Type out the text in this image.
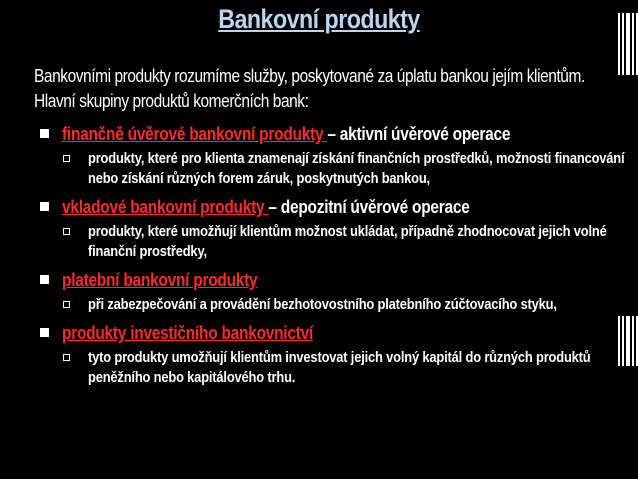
Bankovní produkty
Bankovními produkty rozumíme služby, poskytované za úplatu bankou jejím klientům. Hlavní skupiny produktů komerčních bank:
finančně úvěrové bankovní produkty – aktivní úvěrové operace
produkty, které pro klienta znamenají získání finančních prostředků, možnosti financování nebo získání různých forem záruk, poskytnutých bankou,
vkladové bankovní produkty – depozitní úvěrové operace
produkty, které umožňují klientům možnost ukládat, případně zhodnocovat jejich volné finanční prostředky,
platební bankovní produkty
při zabezpečování a provádění bezhotovostního platebního zúčtovacího styku,
produkty investičního bankovnictví
tyto produkty umožňují klientům investovat jejich volný kapitál do různých produktů peněžního nebo kapitálového trhu.
